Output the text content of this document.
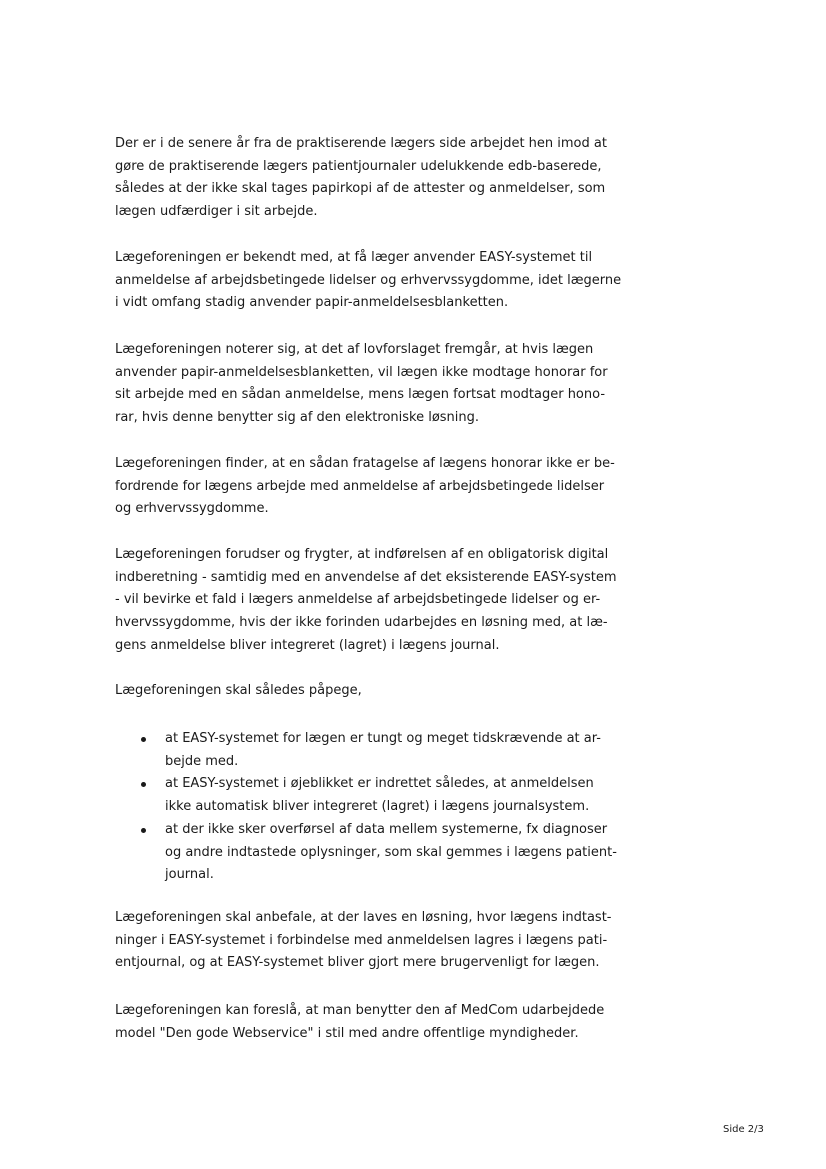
Der er i de senere år fra de praktiserende lægers side arbejdet hen imod at
gøre de praktiserende lægers patientjournaler udelukkende edb-baserede,
således at der ikke skal tages papirkopi af de attester og anmeldelser, som
lægen udfærdiger i sit arbejde.

Lægeforeningen er bekendt med, at få læger anvender EASY-systemet til
anmeldelse af arbejdsbetingede lidelser og erhvervssygdomme, idet lægerne
i vidt omfang stadig anvender papir-anmeldelsesblanketten.

Lægeforeningen noterer sig, at det af lovforslaget fremgår, at hvis lægen
anvender papir-anmeldelsesblanketten, vil lægen ikke modtage honorar for
sit arbejde med en sådan anmeldelse, mens lægen fortsat modtager hono-
rar, hvis denne benytter sig af den elektroniske løsning.

Lægeforeningen finder, at en sådan fratagelse af lægens honorar ikke er be-
fordrende for lægens arbejde med anmeldelse af arbejdsbetingede lidelser
og erhvervssygdomme.

Lægeforeningen forudser og frygter, at indførelsen af en obligatorisk digital
indberetning - samtidig med en anvendelse af det eksisterende EASY-system
- vil bevirke et fald i lægers anmeldelse af arbejdsbetingede lidelser og er-
hvervssygdomme, hvis der ikke forinden udarbejdes en løsning med, at læ-
gens anmeldelse bliver integreret (lagret) i lægens journal.

Lægeforeningen skal således påpege,

at EASY-systemet for lægen er tungt og meget tidskrævende at ar-
bejde med.
at EASY-systemet i øjeblikket er indrettet således, at anmeldelsen
ikke automatisk bliver integreret (lagret) i lægens journalsystem.
at der ikke sker overførsel af data mellem systemerne, fx diagnoser
og andre indtastede oplysninger, som skal gemmes i lægens patient-
journal.

Lægeforeningen skal anbefale, at der laves en løsning, hvor lægens indtast-
ninger i EASY-systemet i forbindelse med anmeldelsen lagres i lægens pati-
entjournal, og at EASY-systemet bliver gjort mere brugervenligt for lægen.

Lægeforeningen kan foreslå, at man benytter den af MedCom udarbejdede
model "Den gode Webservice" i stil med andre offentlige myndigheder.

Side 2/3
